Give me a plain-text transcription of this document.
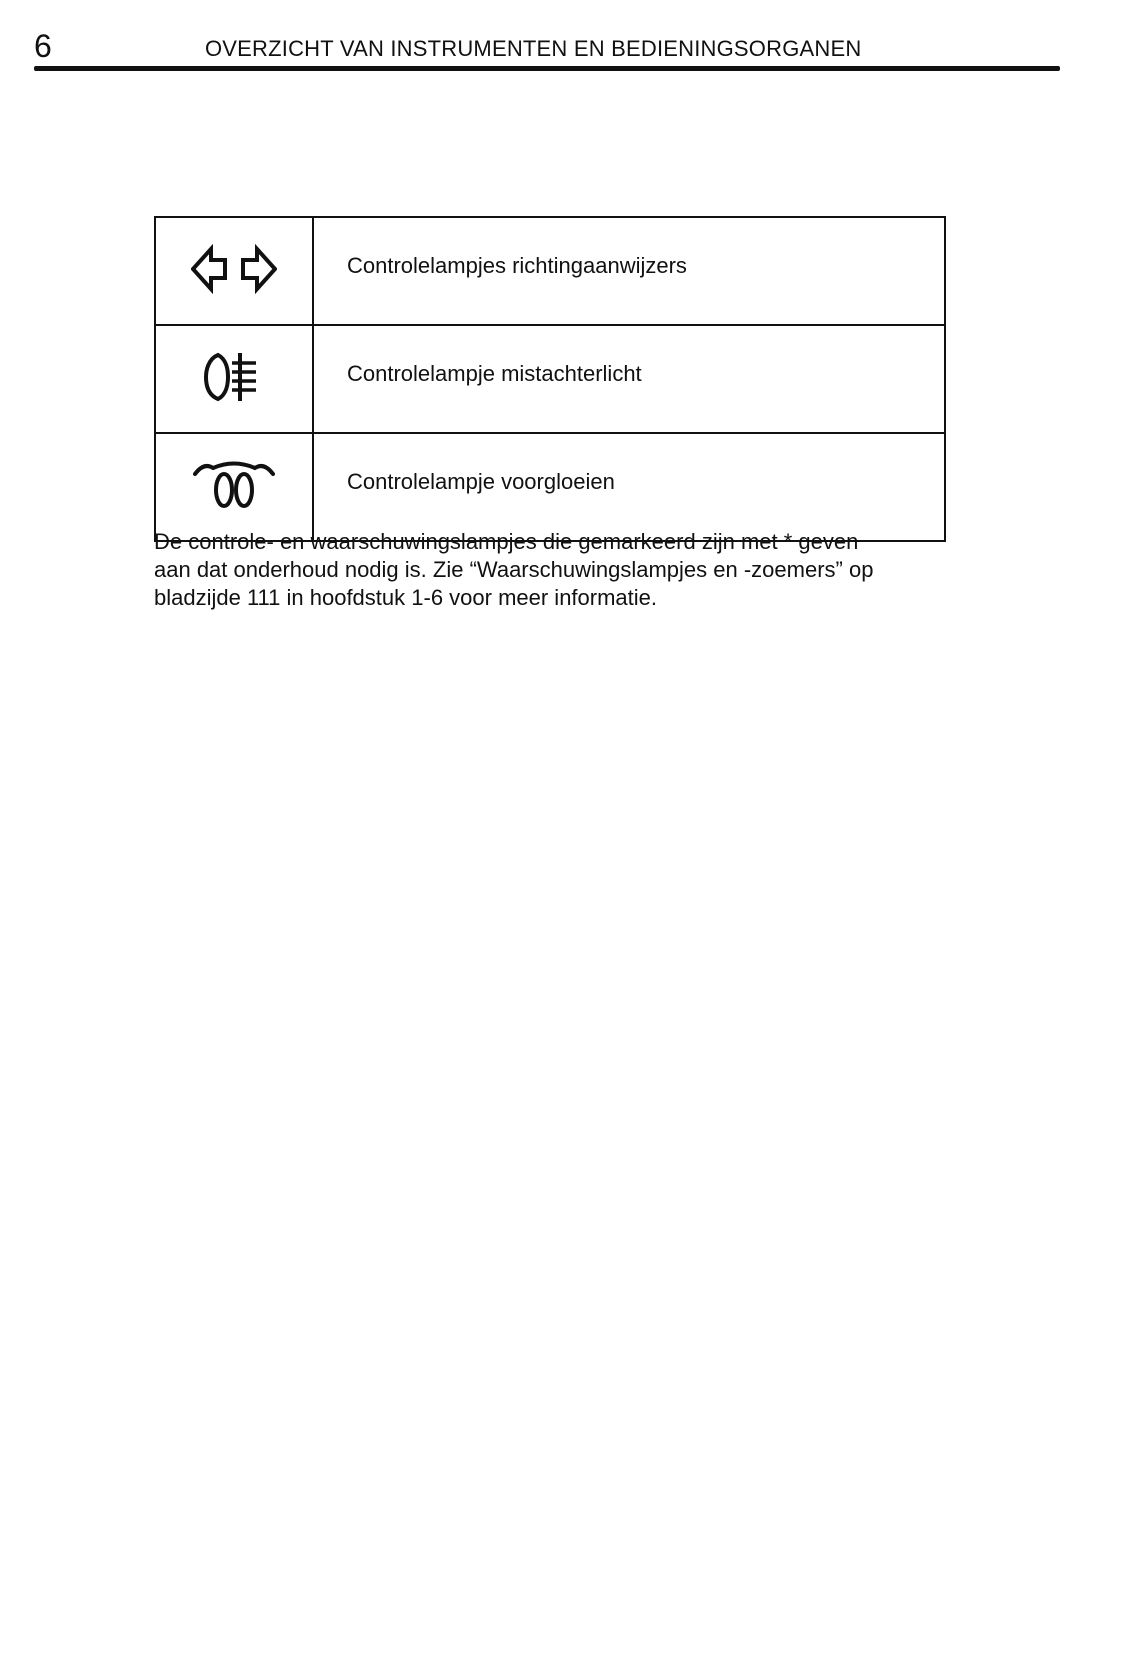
6	OVERZICHT VAN INSTRUMENTEN EN BEDIENINGSORGANEN
	Controlelampjes richtingaanwijzers
	Controlelampje mistachterlicht
	Controlelampje voorgloeien

De controle- en waarschuwingslampjes die gemarkeerd zijn met * geven

aan dat onderhoud nodig is. Zie “Waarschuwingslampjes en -zoemers” op

bladzijde 111 in hoofdstuk 1-6 voor meer informatie.
